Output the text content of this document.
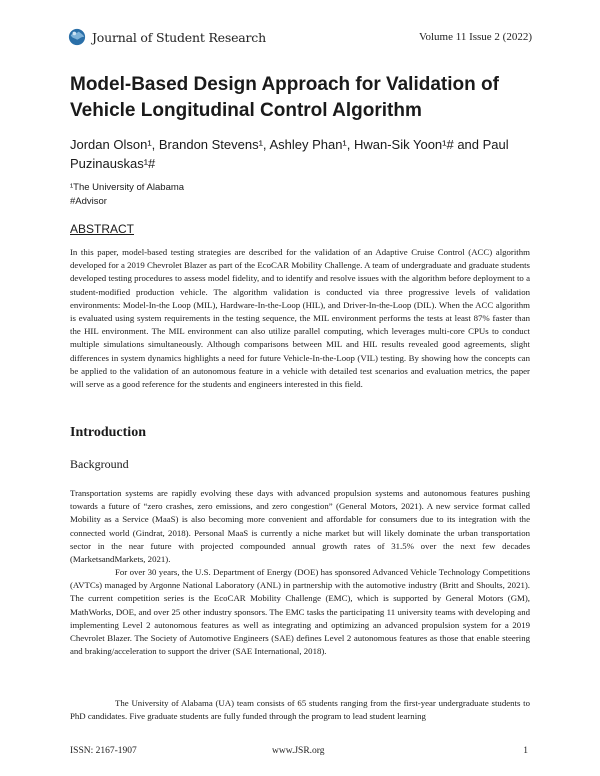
Journal of Student Research	Volume 11 Issue 2 (2022)
Model-Based Design Approach for Validation of Vehicle Longitudinal Control Algorithm
Jordan Olson¹, Brandon Stevens¹, Ashley Phan¹, Hwan-Sik Yoon¹# and Paul Puzinauskas¹#
¹The University of Alabama
#Advisor
ABSTRACT
In this paper, model-based testing strategies are described for the validation of an Adaptive Cruise Control (ACC) algorithm developed for a 2019 Chevrolet Blazer as part of the EcoCAR Mobility Challenge. A team of undergraduate and graduate students developed testing procedures to assess model fidelity, and to identify and resolve issues with the algorithm before deployment to a student-modified production vehicle. The algorithm validation is conducted via three progressive levels of validation environments: Model-In-the Loop (MIL), Hardware-In-the-Loop (HIL), and Driver-In-the-Loop (DIL). When the ACC algorithm is evaluated using system requirements in the testing sequence, the MIL environment performs the tests at least 87% faster than the HIL environment. The MIL environment can also utilize parallel computing, which leverages multi-core CPUs to conduct multiple simulations simultaneously. Although comparisons between MIL and HIL results revealed good agreements, slight differences in system dynamics highlights a need for future Vehicle-In-the-Loop (VIL) testing. By showing how the concepts can be applied to the validation of an autonomous feature in a vehicle with detailed test scenarios and evaluation metrics, the paper will serve as a good reference for the students and engineers interested in this field.
Introduction
Background
Transportation systems are rapidly evolving these days with advanced propulsion systems and autonomous features pushing towards a future of “zero crashes, zero emissions, and zero congestion” (General Motors, 2021). A new service format called Mobility as a Service (MaaS) is also becoming more convenient and affordable for consumers due to its integration with the connected world (Gindrat, 2018). Personal MaaS is currently a niche market but will likely dominate the urban transportation sector in the near future with projected compounded annual growth rates of 31.5% over the next few decades (MarketsandMarkets, 2021).
For over 30 years, the U.S. Department of Energy (DOE) has sponsored Advanced Vehicle Technology Competitions (AVTCs) managed by Argonne National Laboratory (ANL) in partnership with the automotive industry (Britt and Shoults, 2021). The current competition series is the EcoCAR Mobility Challenge (EMC), which is supported by General Motors (GM), MathWorks, DOE, and over 25 other industry sponsors. The EMC tasks the participating 11 university teams with developing and implementing Level 2 autonomous features as well as integrating and optimizing an advanced propulsion system for a 2019 Chevrolet Blazer. The Society of Automotive Engineers (SAE) defines Level 2 autonomous features as those that enable steering and braking/acceleration to support the driver (SAE International, 2018).
The University of Alabama (UA) team consists of 65 students ranging from the first-year undergraduate students to PhD candidates. Five graduate students are fully funded through the program to lead student learning
ISSN: 2167-1907	www.JSR.org	1
